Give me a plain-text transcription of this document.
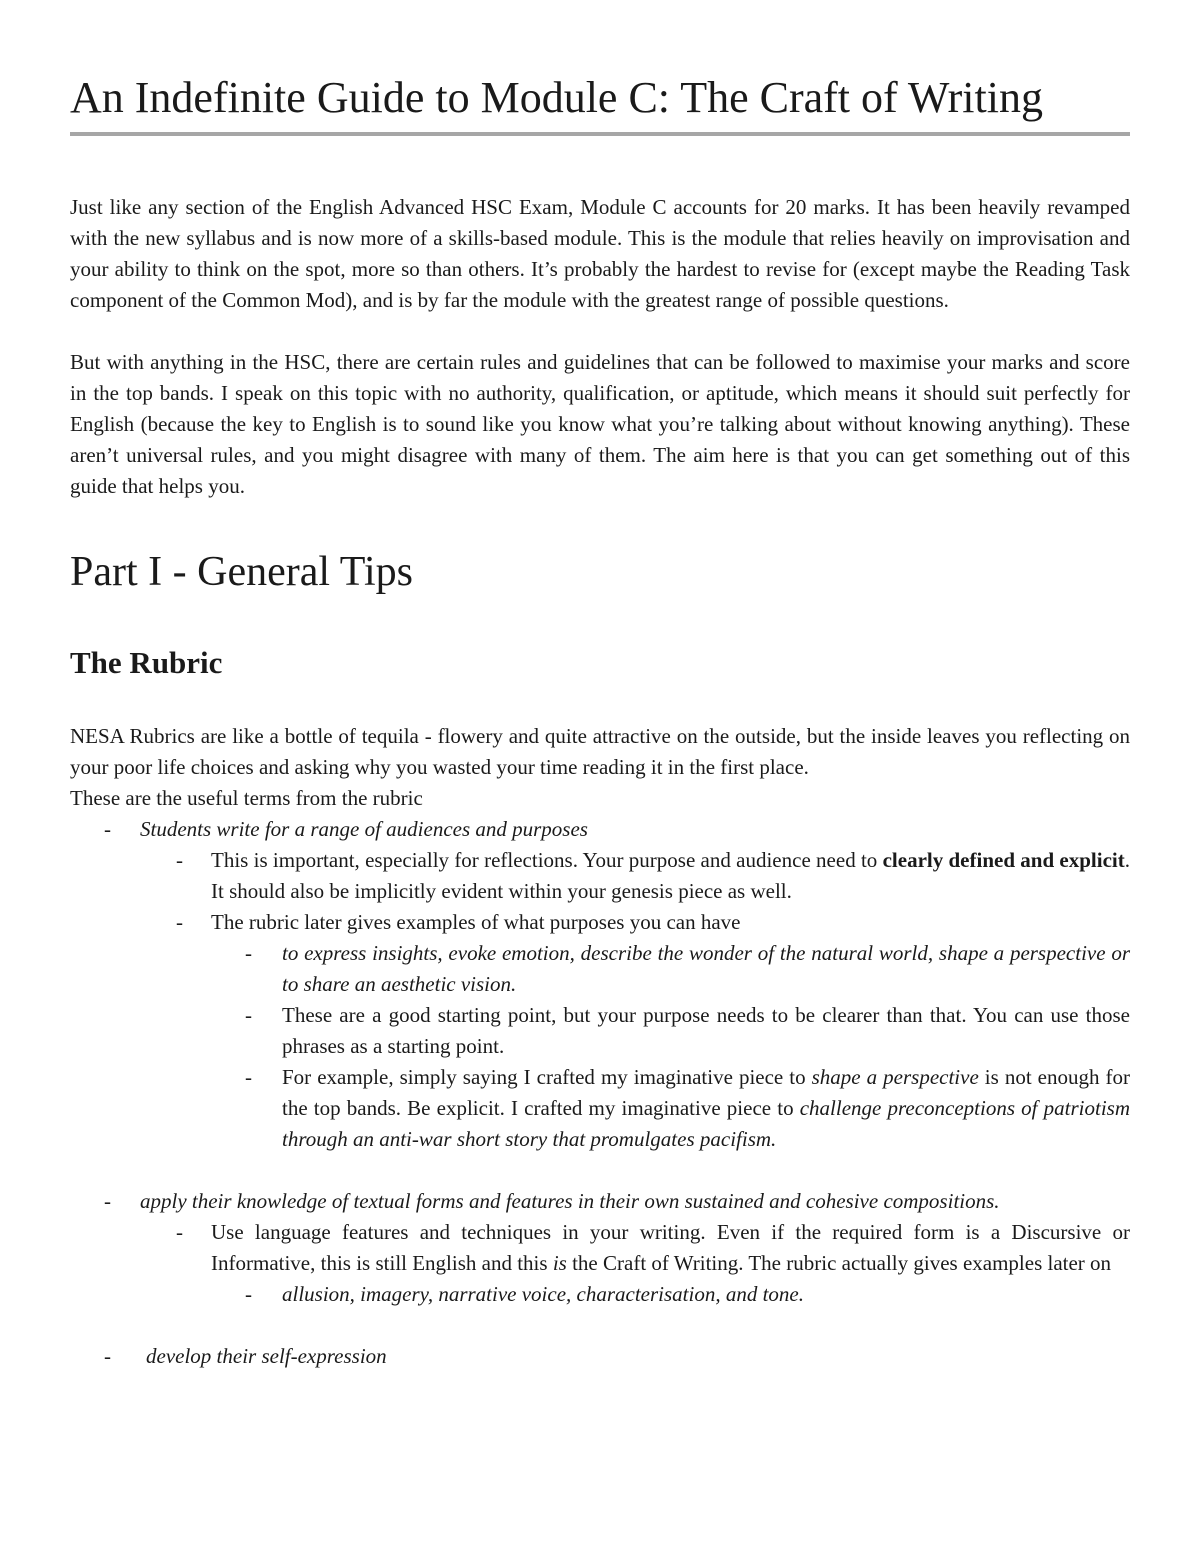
An Indefinite Guide to Module C: The Craft of Writing

Just like any section of the English Advanced HSC Exam, Module C accounts for 20 marks. It has been heavily revamped with the new syllabus and is now more of a skills-based module. This is the module that relies heavily on improvisation and your ability to think on the spot, more so than others. It’s probably the hardest to revise for (except maybe the Reading Task component of the Common Mod), and is by far the module with the greatest range of possible questions.

But with anything in the HSC, there are certain rules and guidelines that can be followed to maximise your marks and score in the top bands. I speak on this topic with no authority, qualification, or aptitude, which means it should suit perfectly for English (because the key to English is to sound like you know what you’re talking about without knowing anything). These aren’t universal rules, and you might disagree with many of them. The aim here is that you can get something out of this guide that helps you.

Part I - General Tips
The Rubric

NESA Rubrics are like a bottle of tequila - flowery and quite attractive on the outside, but the inside leaves you reflecting on your poor life choices and asking why you wasted your time reading it in the first place.

These are the useful terms from the rubric

- Students write for a range of audiences and purposes
- This is important, especially for reflections. Your purpose and audience need to clearly defined and explicit. It should also be implicitly evident within your genesis piece as well.
- The rubric later gives examples of what purposes you can have
- to express insights, evoke emotion, describe the wonder of the natural world, shape a perspective or to share an aesthetic vision.
- These are a good starting point, but your purpose needs to be clearer than that. You can use those phrases as a starting point.
- For example, simply saying I crafted my imaginative piece to shape a perspective is not enough for the top bands. Be explicit. I crafted my imaginative piece to challenge preconceptions of patriotism through an anti-war short story that promulgates pacifism.
- apply their knowledge of textual forms and features in their own sustained and cohesive compositions.
- Use language features and techniques in your writing. Even if the required form is a Discursive or Informative, this is still English and this is the Craft of Writing. The rubric actually gives examples later on
- allusion, imagery, narrative voice, characterisation, and tone.
- develop their self-expression
